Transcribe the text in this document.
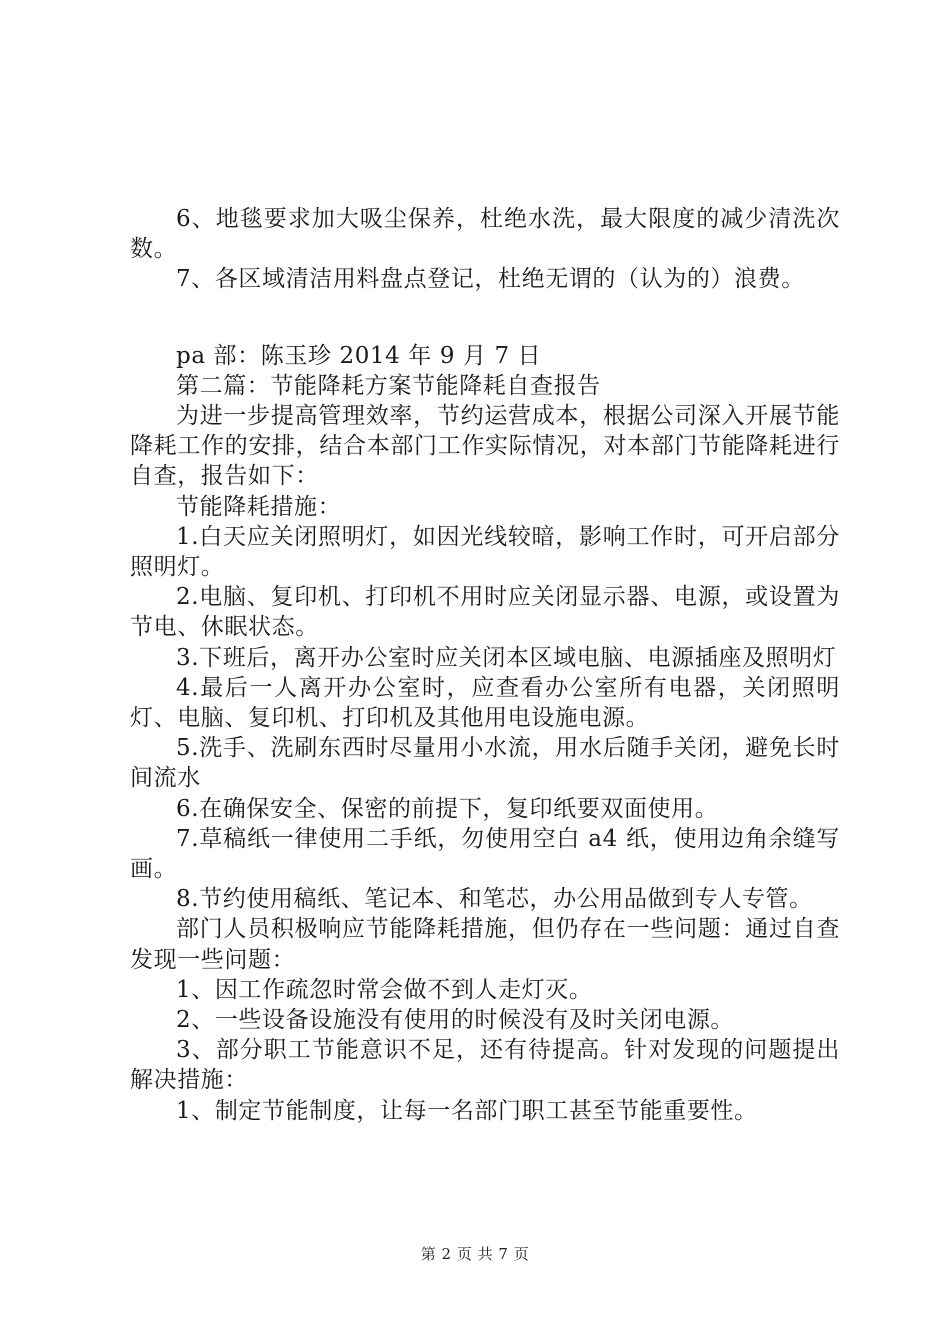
6、地毯要求加大吸尘保养，杜绝水洗，最大限度的减少清洗次数。

7、各区域清洁用料盘点登记，杜绝无谓的（认为的）浪费。

pa 部：陈玉珍 2014 年 9 月 7 日

第二篇：节能降耗方案节能降耗自查报告

为进一步提高管理效率，节约运营成本，根据公司深入开展节能降耗工作的安排，结合本部门工作实际情况，对本部门节能降耗进行自查，报告如下：

节能降耗措施：

1.白天应关闭照明灯，如因光线较暗，影响工作时，可开启部分照明灯。

2.电脑、复印机、打印机不用时应关闭显示器、电源，或设置为节电、休眠状态。

3.下班后，离开办公室时应关闭本区域电脑、电源插座及照明灯

4.最后一人离开办公室时，应查看办公室所有电器，关闭照明灯、电脑、复印机、打印机及其他用电设施电源。

5.洗手、洗刷东西时尽量用小水流，用水后随手关闭，避免长时间流水

6.在确保安全、保密的前提下，复印纸要双面使用。

7.草稿纸一律使用二手纸，勿使用空白 a4 纸，使用边角余缝写画。

8.节约使用稿纸、笔记本、和笔芯，办公用品做到专人专管。

部门人员积极响应节能降耗措施，但仍存在一些问题：通过自查发现一些问题：

1、因工作疏忽时常会做不到人走灯灭。

2、一些设备设施没有使用的时候没有及时关闭电源。

3、部分职工节能意识不足，还有待提高。针对发现的问题提出解决措施：

1、制定节能制度，让每一名部门职工甚至节能重要性。

第 2 页 共 7 页
